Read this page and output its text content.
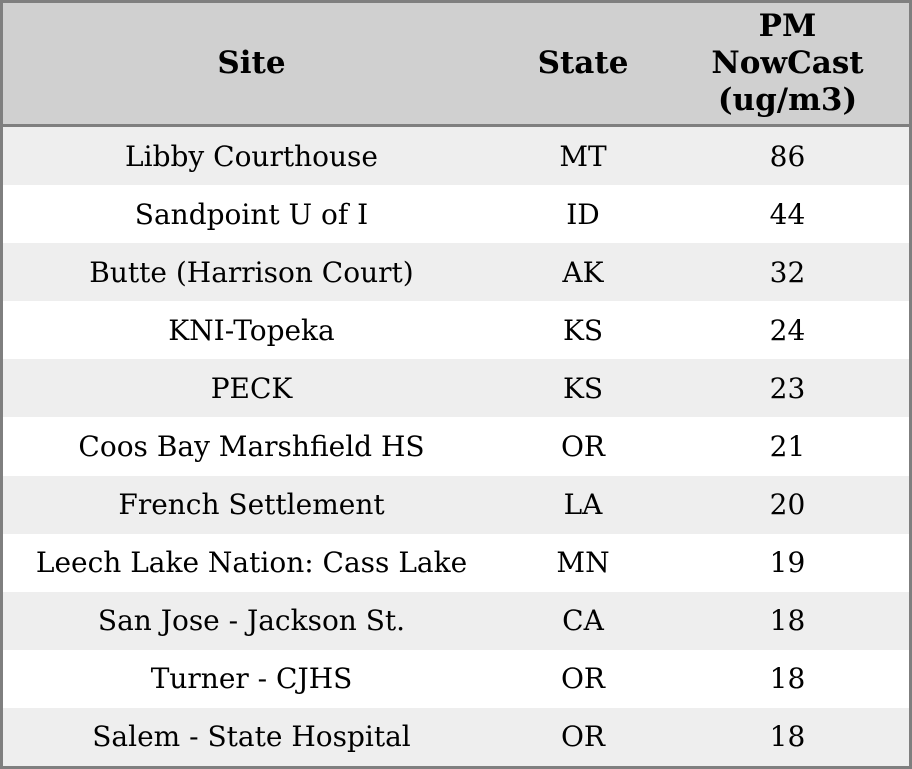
Site	State	PM
NowCast
(ug/m3)

Libby Courthouse	MT	86
Sandpoint U of I	ID	44
Butte (Harrison Court)	AK	32
KNI-Topeka	KS	24
PECK	KS	23
Coos Bay Marshfield HS	OR	21
French Settlement	LA	20
Leech Lake Nation: Cass Lake	MN	19
San Jose - Jackson St.	CA	18
Turner - CJHS	OR	18
Salem - State Hospital	OR	18
